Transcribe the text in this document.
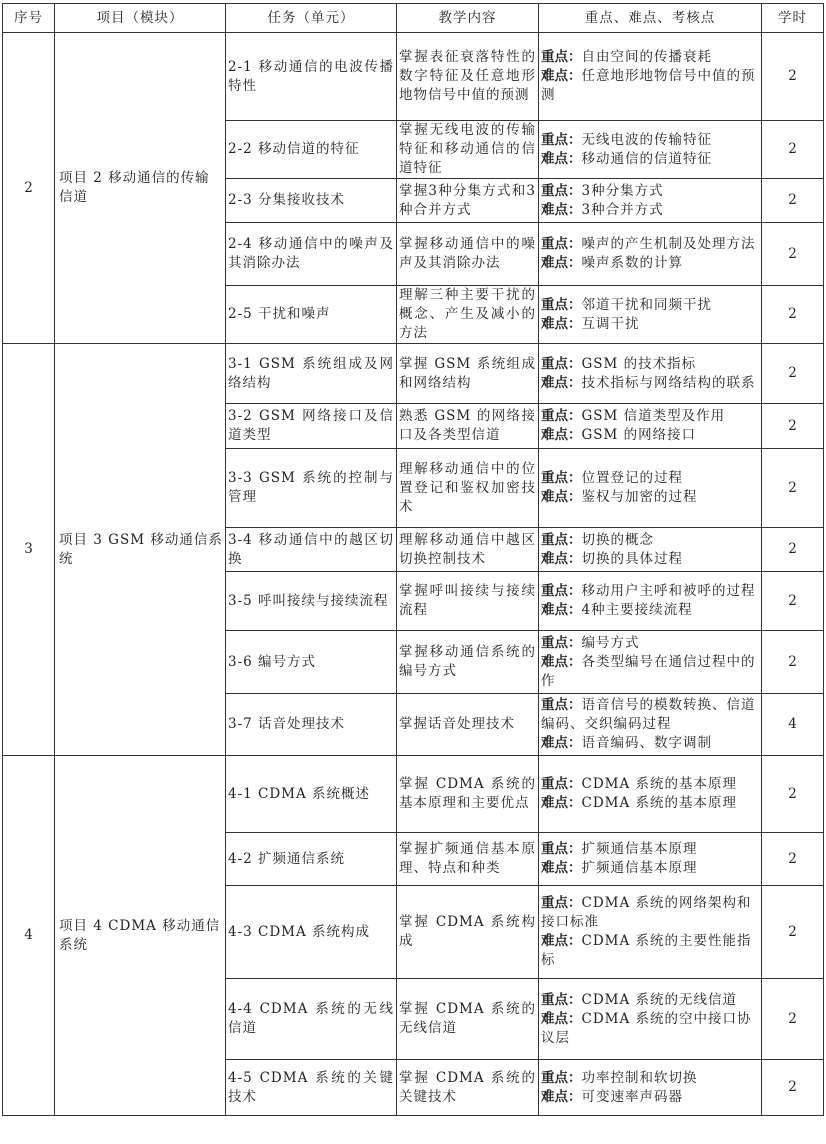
序号	项目（模块）	任务（单元）	教学内容	重点、难点、考核点	学时
2	项目 2 移动通信的传输信道	2-1 移动通信的电波传播特性	掌握表征衰落特性的数字特征及任意地形地物信号中值的预测	重点：自由空间的传播衰耗
难点：任意地形地物信号中值的预测	2
		2-2 移动信道的特征	掌握无线电波的传输特征和移动通信的信道特征	重点：无线电波的传输特征
难点：移动通信的信道特征	2
		2-3 分集接收技术	掌握3种分集方式和3种合并方式	重点：3种分集方式
难点：3种合并方式	2
		2-4 移动通信中的噪声及其消除办法	掌握移动通信中的噪声及其消除办法	重点：噪声的产生机制及处理方法
难点：噪声系数的计算	2
		2-5 干扰和噪声	理解三种主要干扰的概念、产生及减小的方法	重点：邻道干扰和同频干扰
难点：互调干扰	2
3	项目 3 GSM 移动通信系统	3-1 GSM 系统组成及网络结构	掌握 GSM 系统组成和网络结构	重点：GSM 的技术指标
难点：技术指标与网络结构的联系	2
		3-2 GSM 网络接口及信道类型	熟悉 GSM 的网络接口及各类型信道	重点：GSM 信道类型及作用
难点：GSM 的网络接口	2
		3-3 GSM 系统的控制与管理	理解移动通信中的位置登记和鉴权加密技术	重点：位置登记的过程
难点：鉴权与加密的过程	2
		3-4 移动通信中的越区切换	理解移动通信中越区切换控制技术	重点：切换的概念
难点：切换的具体过程	2
		3-5 呼叫接续与接续流程	掌握呼叫接续与接续流程	重点：移动用户主呼和被呼的过程
难点：4种主要接续流程	2
		3-6 编号方式	掌握移动通信系统的编号方式	重点：编号方式
难点：各类型编号在通信过程中的作	2
		3-7 话音处理技术	掌握话音处理技术	重点：语音信号的模数转换、信道编码、交织编码过程
难点：语音编码、数字调制	4
4	项目 4 CDMA 移动通信系统	4-1 CDMA 系统概述	掌握 CDMA 系统的基本原理和主要优点	重点：CDMA 系统的基本原理
难点：CDMA 系统的基本原理	2
		4-2 扩频通信系统	掌握扩频通信基本原理、特点和种类	重点：扩频通信基本原理
难点：扩频通信基本原理	2
		4-3 CDMA 系统构成	掌握 CDMA 系统构成	重点：CDMA 系统的网络架构和接口标准
难点：CDMA 系统的主要性能指标	2
		4-4 CDMA 系统的无线信道	掌握 CDMA 系统的无线信道	重点：CDMA 系统的无线信道
难点：CDMA 系统的空中接口协议层	2
		4-5 CDMA 系统的关键技术	掌握 CDMA 系统的关键技术	重点：功率控制和软切换
难点：可变速率声码器	2
